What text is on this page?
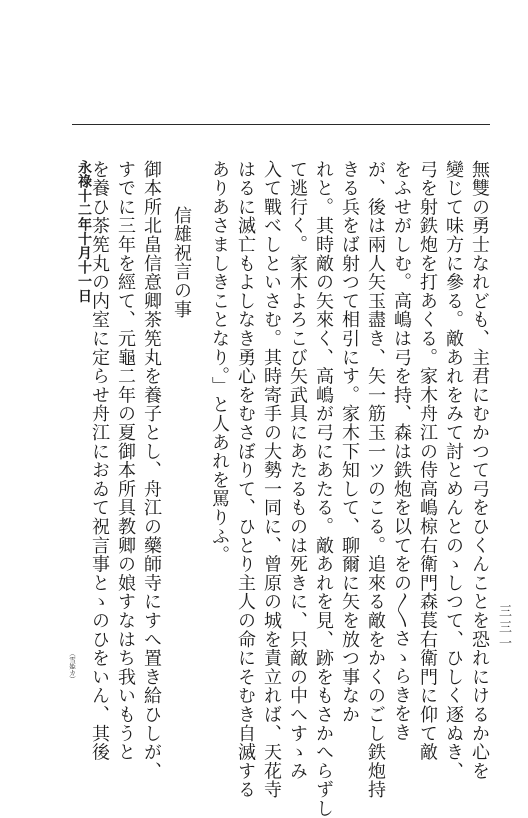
三三一
無雙の勇士なれども、主君にむかつて弓をひくんことを恐れにけるか心を
變じて味方に參る。敵あれをみて討とめんとのゝしつて、ひしく逐ぬき、
弓を射鉄炮を打あくる。家木舟江の侍高嶋椋右衛門森萇右衛門に仰て敵
をふせがしむ。高嶋は弓を持、森は鉄炮を以てをの〳〵さゝらきをき
が、後は兩人矢玉盡き、矢一筋玉一ツのこる。追來る敵をかくのごし鉄炮持
きる兵をば射つて相引にす。家木下知して、聊爾に矢を放つ事なか
れと。其時敵の矢來く、高嶋が弓にあたる。敵あれを見、跡をもさかへらずし
て逃行く。家木よろこび矢武具にあたるものは死きに、只敵の中へすゝみ
入て戰べしといさむ。其時寄手の大勢一同に、曾原の城を責立れば、天花寺
はるに滅亡もよしなき勇心をむさぼりて、ひとり主人の命にそむき自滅する
ありあさましきことなり。」と人あれを罵りふ。
信雄祝言の事
御本所北畠信意卿茶筅丸を養子とし、舟江の藥師寺にすへ置き給ひしが、
すでに三年を經て、元龜二年の夏御本所具教卿の娘すなはち我いもうと
を養ひ茶筅丸の内室に定らせ舟江におゐて祝言事とゝのひをいん、其後
（雪姫カ）
永祿十二年十月十一日
